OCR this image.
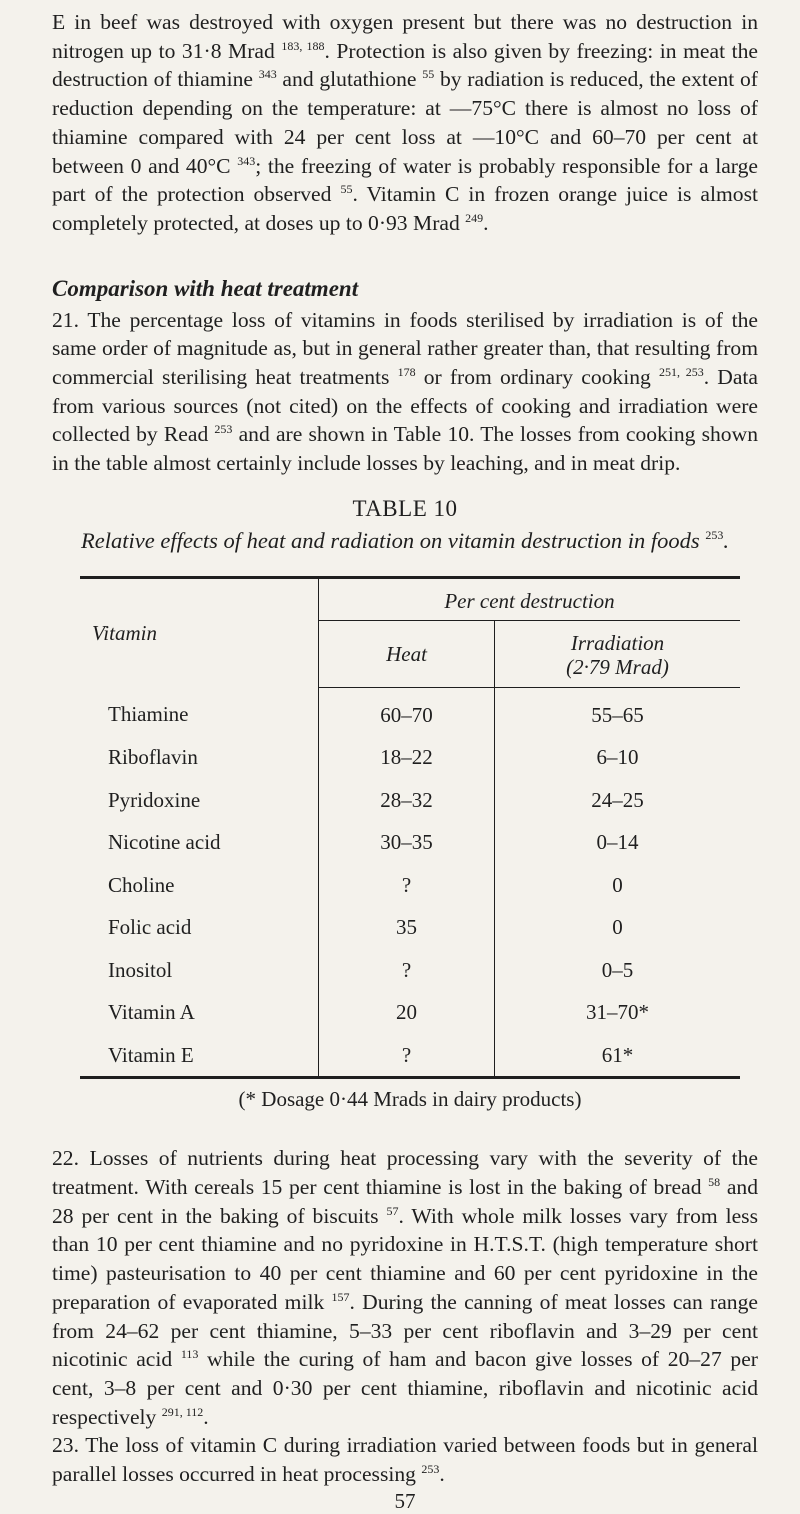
E in beef was destroyed with oxygen present but there was no destruction in nitrogen up to 31·8 Mrad $^{183, 188}$. Protection is also given by freezing: in meat the destruction of thiamine $^{343}$ and glutathione $^{55}$ by radiation is reduced, the extent of reduction depending on the temperature: at —75°C there is almost no loss of thiamine compared with 24 per cent loss at —10°C and 60–70 per cent at between 0 and 40°C $^{343}$; the freezing of water is probably responsible for a large part of the protection observed $^{55}$. Vitamin C in frozen orange juice is almost completely protected, at doses up to 0·93 Mrad $^{249}$.

Comparison with heat treatment

21. The percentage loss of vitamins in foods sterilised by irradiation is of the same order of magnitude as, but in general rather greater than, that resulting from commercial sterilising heat treatments $^{178}$ or from ordinary cooking $^{251, 253}$. Data from various sources (not cited) on the effects of cooking and irradiation were collected by Read $^{253}$ and are shown in Table 10. The losses from cooking shown in the table almost certainly include losses by leaching, and in meat drip.

TABLE 10
Relative effects of heat and radiation on vitamin destruction in foods $^{253}$.
Vitamin	Per cent destruction	
	Heat	Irradiation
(2·79 Mrad)
Thiamine	60–70	55–65
Riboflavin	18–22	6–10
Pyridoxine	28–32	24–25
Nicotine acid	30–35	0–14
Choline	?	0
Folic acid	35	0
Inositol	?	0–5
Vitamin A	20	31–70*
Vitamin E	?	61*
(* Dosage 0·44 Mrads in dairy products)

22. Losses of nutrients during heat processing vary with the severity of the treatment. With cereals 15 per cent thiamine is lost in the baking of bread $^{58}$ and 28 per cent in the baking of biscuits $^{57}$. With whole milk losses vary from less than 10 per cent thiamine and no pyridoxine in H.T.S.T. (high temperature short time) pasteurisation to 40 per cent thiamine and 60 per cent pyridoxine in the preparation of evaporated milk $^{157}$. During the canning of meat losses can range from 24–62 per cent thiamine, 5–33 per cent riboflavin and 3–29 per cent nicotinic acid $^{113}$ while the curing of ham and bacon give losses of 20–27 per cent, 3–8 per cent and 0·30 per cent thiamine, riboflavin and nicotinic acid respectively $^{291, 112}$.

23. The loss of vitamin C during irradiation varied between foods but in general parallel losses occurred in heat processing $^{253}$.

57
